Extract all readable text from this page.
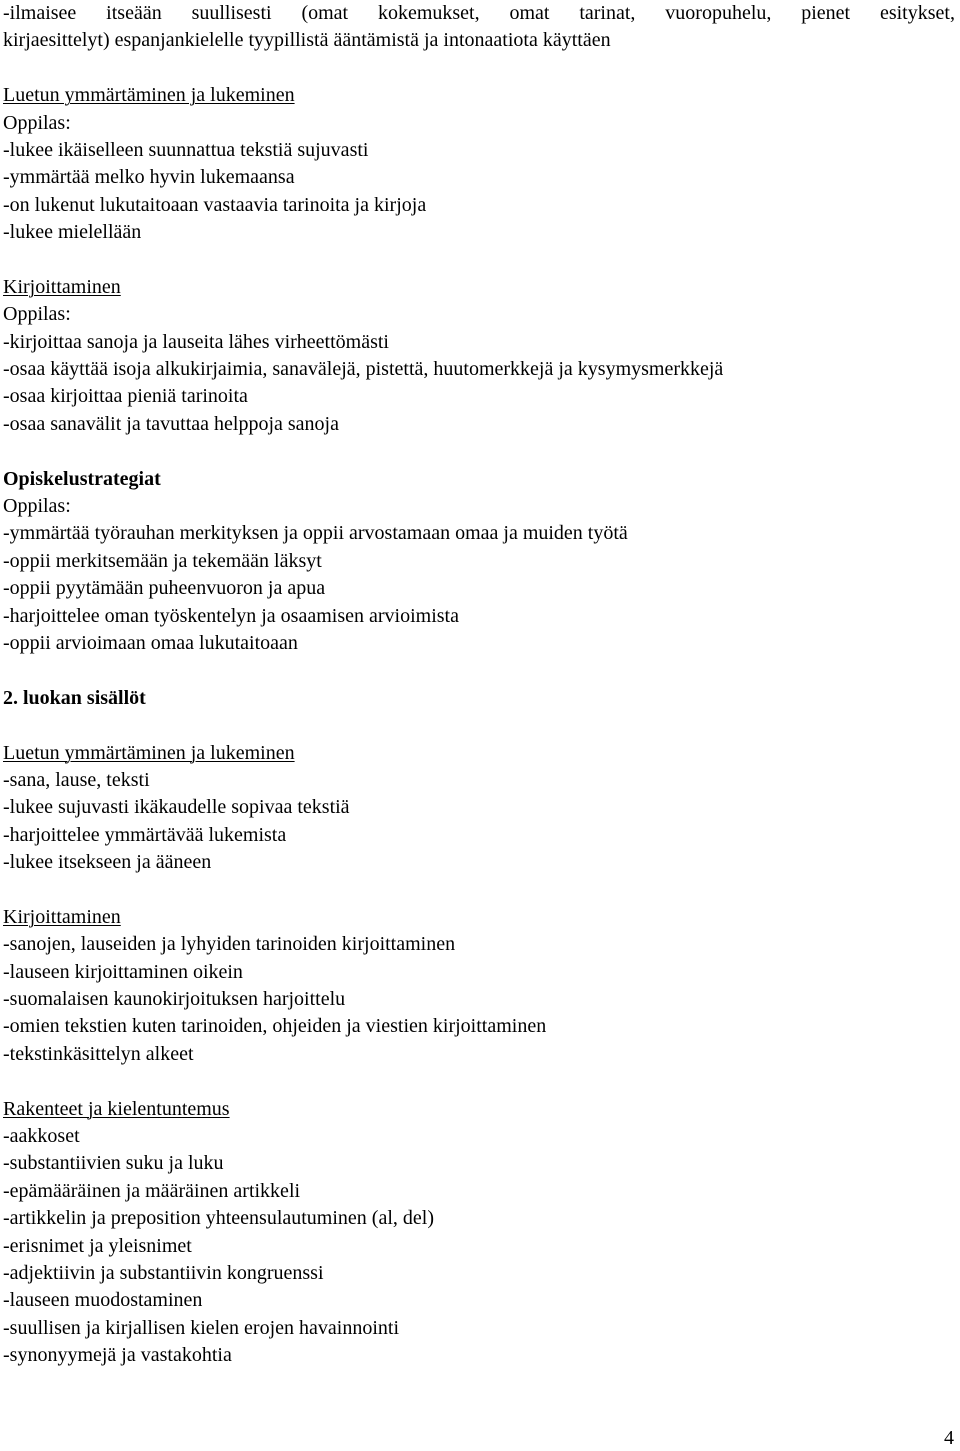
-ilmaisee itseään suullisesti (omat kokemukset, omat tarinat, vuoropuhelu, pienet esitykset,
kirjaesittelyt) espanjankielelle tyypillistä ääntämistä ja intonaatiota käyttäen
Luetun ymmärtäminen ja lukeminen
Oppilas:
-lukee ikäiselleen suunnattua tekstiä sujuvasti
-ymmärtää melko hyvin lukemaansa
-on lukenut lukutaitoaan vastaavia tarinoita ja kirjoja
-lukee mielellään
Kirjoittaminen
Oppilas:
-kirjoittaa sanoja ja lauseita lähes virheettömästi
-osaa käyttää isoja alkukirjaimia, sanavälejä, pistettä, huutomerkkejä ja kysymysmerkkejä
-osaa kirjoittaa pieniä tarinoita
-osaa sanavälit ja tavuttaa helppoja sanoja
Opiskelustrategiat
Oppilas:
-ymmärtää työrauhan merkityksen ja oppii arvostamaan omaa ja muiden työtä
-oppii merkitsemään ja tekemään läksyt
-oppii pyytämään puheenvuoron ja apua
-harjoittelee oman työskentelyn ja osaamisen arvioimista
-oppii arvioimaan omaa lukutaitoaan
2. luokan sisällöt
Luetun ymmärtäminen ja lukeminen
-sana, lause, teksti
-lukee sujuvasti ikäkaudelle sopivaa tekstiä
-harjoittelee ymmärtävää lukemista
-lukee itsekseen ja ääneen
Kirjoittaminen
-sanojen, lauseiden ja lyhyiden tarinoiden kirjoittaminen
-lauseen kirjoittaminen oikein
-suomalaisen kaunokirjoituksen harjoittelu
-omien tekstien kuten tarinoiden, ohjeiden ja viestien kirjoittaminen
-tekstinkäsittelyn alkeet
Rakenteet ja kielentuntemus
-aakkoset
-substantiivien suku ja luku
-epämääräinen ja määräinen artikkeli
-artikkelin ja preposition yhteensulautuminen (al, del)
-erisnimet ja yleisnimet
-adjektiivin ja substantiivin kongruenssi
-lauseen muodostaminen
-suullisen ja kirjallisen kielen erojen havainnointi
-synonyymejä ja vastakohtia
4
